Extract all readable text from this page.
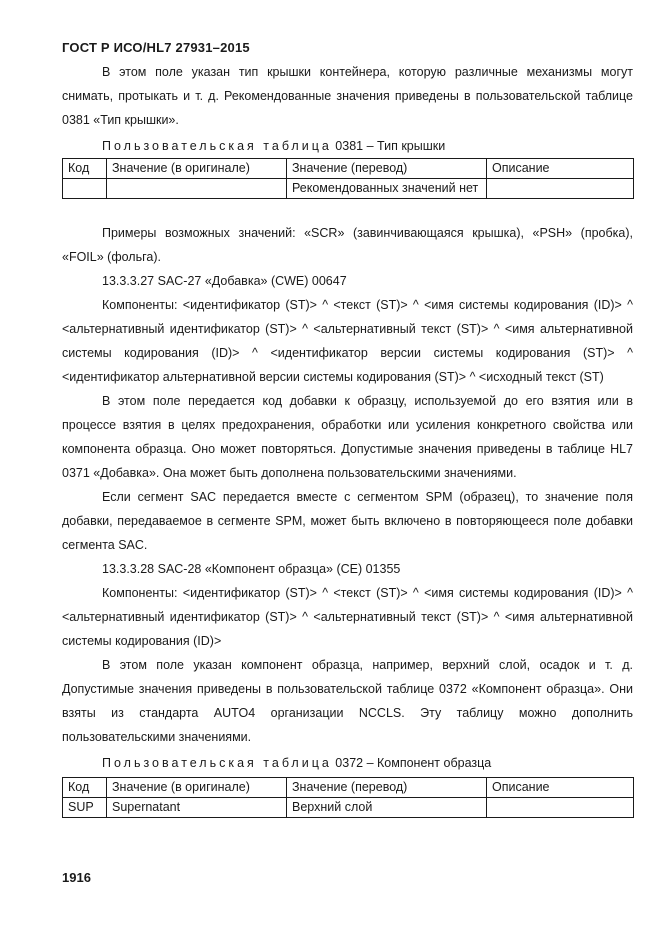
ГОСТ Р ИСО/HL7 27931–2015

В этом поле указан тип крышки контейнера, которую различные механизмы могут снимать, протыкать и т. д. Рекомендованные значения приведены в пользовательской таблице 0381 «Тип крышки».

Пользовательская таблица 0381 – Тип крышки
Код	Значение (в оригинале)	Значение (перевод)	Описание
		Рекомендованных значений нет	

Примеры возможных значений: «SCR» (завинчивающаяся крышка), «PSH» (пробка), «FOIL» (фольга).

13.3.3.27 SAC-27 «Добавка» (CWE) 00647

Компоненты: <идентификатор (ST)> ^ <текст (ST)> ^ <имя системы кодирования (ID)> ^ <альтернативный идентификатор (ST)> ^ <альтернативный текст (ST)> ^ <имя альтернативной системы кодирования (ID)> ^ <идентификатор версии системы кодирования (ST)> ^ <идентификатор альтернативной версии системы кодирования (ST)> ^ <исходный текст (ST)

В этом поле передается код добавки к образцу, используемой до его взятия или в процессе взятия в целях предохранения, обработки или усиления конкретного свойства или компонента образца. Оно может повторяться. Допустимые значения приведены в таблице HL7 0371 «Добавка». Она может быть дополнена пользовательскими значениями.

Если сегмент SAC передается вместе с сегментом SPM (образец), то значение поля добавки, передаваемое в сегменте SPM, может быть включено в повторяющееся поле добавки сегмента SAC.

13.3.3.28 SAC-28 «Компонент образца» (CE) 01355

Компоненты: <идентификатор (ST)> ^ <текст (ST)> ^ <имя системы кодирования (ID)> ^ <альтернативный идентификатор (ST)> ^ <альтернативный текст (ST)> ^ <имя альтернативной системы кодирования (ID)>

В этом поле указан компонент образца, например, верхний слой, осадок и т. д. Допустимые значения приведены в пользовательской таблице 0372 «Компонент образца». Они взяты из стандарта AUTO4 организации NCCLS. Эту таблицу можно дополнить пользовательскими значениями.

Пользовательская таблица 0372 – Компонент образца
Код	Значение (в оригинале)	Значение (перевод)	Описание
SUP	Supernatant	Верхний слой	
1916
